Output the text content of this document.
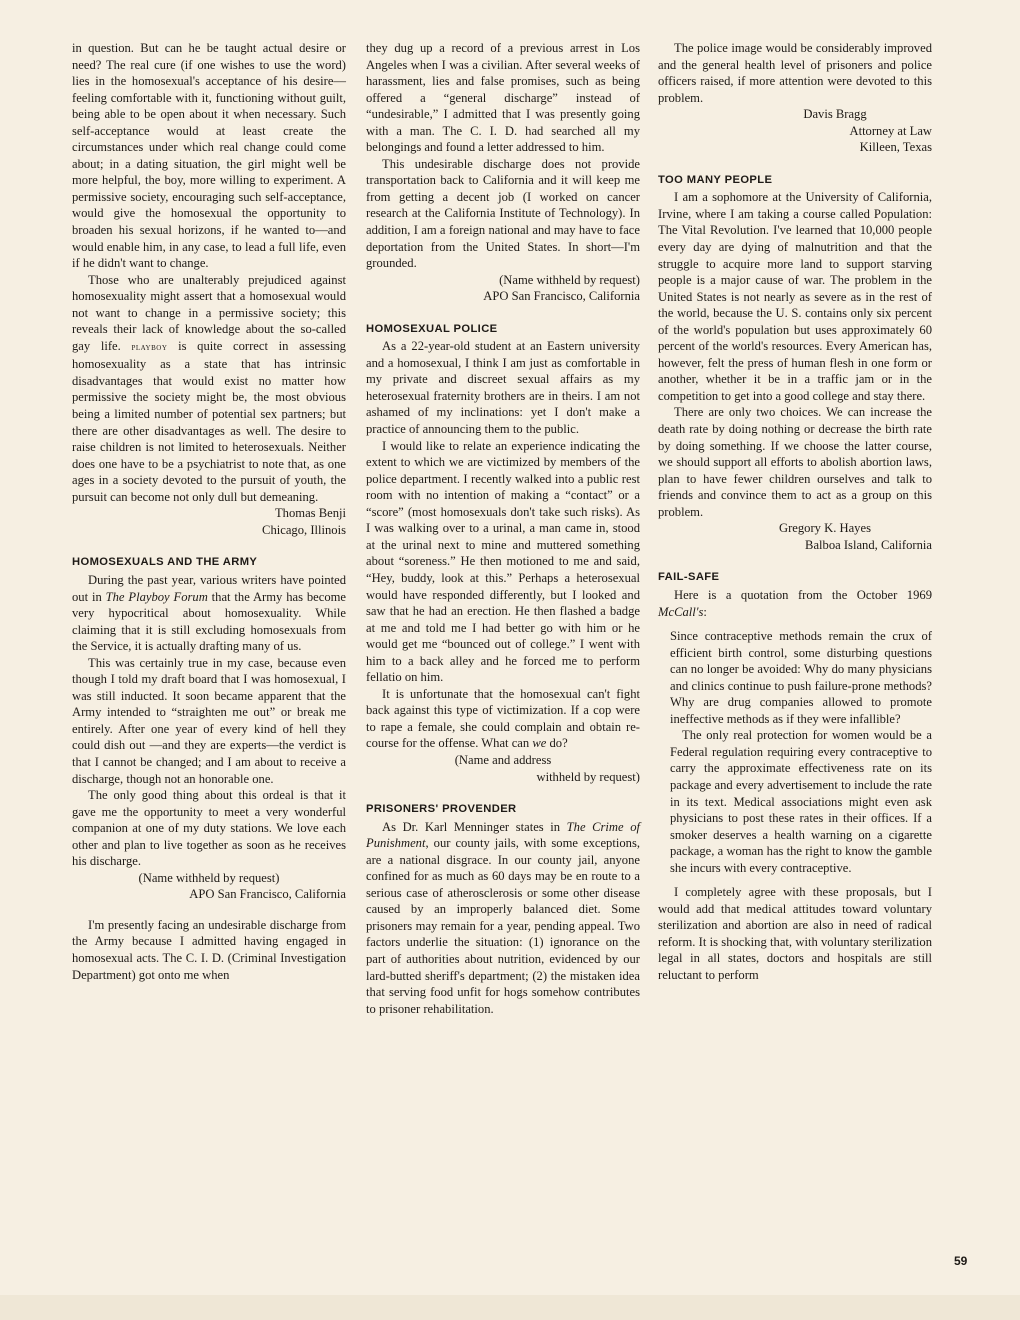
in question. But can he be taught actual desire or need? The real cure (if one wishes to use the word) lies in the homosexual's acceptance of his desire—feeling comfortable with it, functioning without guilt, being able to be open about it when necessary. Such self-acceptance would at least create the circumstances under which real change could come about; in a dating situation, the girl might well be more helpful, the boy, more willing to experiment. A permissive society, encouraging such self-acceptance, would give the homosexual the opportunity to broaden his sexual horizons, if he wanted to—and would enable him, in any case, to lead a full life, even if he didn't want to change.

Those who are unalterably prejudiced against homosexuality might assert that a homosexual would not want to change in a permissive society; this reveals their lack of knowledge about the so-called gay life. playboy is quite correct in assessing homosexuality as a state that has intrinsic disadvantages that would exist no matter how permissive the society might be, the most obvious being a limited number of potential sex partners; but there are other disadvantages as well. The desire to raise children is not limited to heterosexuals. Neither does one have to be a psychiatrist to note that, as one ages in a society devoted to the pursuit of youth, the pursuit can become not only dull but demeaning.

Thomas Benji

Chicago, Illinois

HOMOSEXUALS AND THE ARMY

During the past year, various writers have pointed out in The Playboy Forum that the Army has become very hypocritical about homosexuality. While claiming that it is still excluding homosexuals from the Service, it is actually drafting many of us.

This was certainly true in my case, because even though I told my draft board that I was homosexual, I was still inducted. It soon became apparent that the Army intended to “straighten me out” or break me entirely. After one year of every kind of hell they could dish out —and they are experts—the verdict is that I cannot be changed; and I am about to receive a discharge, though not an honorable one.

The only good thing about this ordeal is that it gave me the opportunity to meet a very wonderful companion at one of my duty stations. We love each other and plan to live together as soon as he receives his discharge.

(Name withheld by request)

APO San Francisco, California

I'm presently facing an undesirable discharge from the Army because I admitted having engaged in homosexual acts. The C. I. D. (Criminal Investigation Department) got onto me when

they dug up a record of a previous arrest in Los Angeles when I was a civilian. After several weeks of harassment, lies and false promises, such as being offered a “general discharge” instead of “undesirable,” I admitted that I was presently going with a man. The C. I. D. had searched all my belongings and found a letter addressed to him.

This undesirable discharge does not provide transportation back to California and it will keep me from getting a decent job (I worked on cancer research at the California Institute of Technology). In addition, I am a foreign national and may have to face deportation from the United States. In short—I'm grounded.

(Name withheld by request)

APO San Francisco, California

HOMOSEXUAL POLICE

As a 22-year-old student at an Eastern university and a homosexual, I think I am just as comfortable in my private and discreet sexual affairs as my heterosexual fraternity brothers are in theirs. I am not ashamed of my inclinations: yet I don't make a practice of announcing them to the public.

I would like to relate an experience indicating the extent to which we are victimized by members of the police department. I recently walked into a public rest room with no intention of making a “contact” or a “score” (most homosexuals don't take such risks). As I was walking over to a urinal, a man came in, stood at the urinal next to mine and muttered something about “soreness.” He then motioned to me and said, “Hey, buddy, look at this.” Perhaps a heterosexual would have responded differently, but I looked and saw that he had an erection. He then flashed a badge at me and told me I had better go with him or he would get me “bounced out of college.” I went with him to a back alley and he forced me to perform fellatio on him.

It is unfortunate that the homosexual can't fight back against this type of victimization. If a cop were to rape a female, she could complain and obtain recourse for the offense. What can we do?

(Name and address

withheld by request)

PRISONERS' PROVENDER

As Dr. Karl Menninger states in The Crime of Punishment, our county jails, with some exceptions, are a national disgrace. In our county jail, anyone confined for as much as 60 days may be en route to a serious case of atherosclerosis or some other disease caused by an improperly balanced diet. Some prisoners may remain for a year, pending appeal. Two factors underlie the situation: (1) ignorance on the part of authorities about nutrition, evidenced by our lard-butted sheriff's department; (2) the mistaken idea that serving food unfit for hogs somehow contributes to prisoner rehabilitation.

The police image would be considerably improved and the general health level of prisoners and police officers raised, if more attention were devoted to this problem.

Davis Bragg

Attorney at Law

Killeen, Texas

TOO MANY PEOPLE

I am a sophomore at the University of California, Irvine, where I am taking a course called Population: The Vital Revolution. I've learned that 10,000 people every day are dying of malnutrition and that the struggle to acquire more land to support starving people is a major cause of war. The problem in the United States is not nearly as severe as in the rest of the world, because the U. S. contains only six percent of the world's population but uses approximately 60 percent of the world's resources. Every American has, however, felt the press of human flesh in one form or another, whether it be in a traffic jam or in the competition to get into a good college and stay there.

There are only two choices. We can increase the death rate by doing nothing or decrease the birth rate by doing something. If we choose the latter course, we should support all efforts to abolish abortion laws, plan to have fewer children ourselves and talk to friends and convince them to act as a group on this problem.

Gregory K. Hayes

Balboa Island, California

FAIL-SAFE

Here is a quotation from the October 1969 McCall's:

Since contraceptive methods remain the crux of efficient birth control, some disturbing questions can no longer be avoided: Why do many physicians and clinics continue to push failure-prone methods? Why are drug companies allowed to promote ineffective methods as if they were infallible?

The only real protection for women would be a Federal regulation requiring every contraceptive to carry the approximate effectiveness rate on its package and every advertisement to include the rate in its text. Medical associations might even ask physicians to post these rates in their offices. If a smoker deserves a health warning on a cigarette package, a woman has the right to know the gamble she incurs with every contraceptive.

I completely agree with these proposals, but I would add that medical attitudes toward voluntary sterilization and abortion are also in need of radical reform. It is shocking that, with voluntary sterilization legal in all states, doctors and hospitals are still reluctant to perform

59
